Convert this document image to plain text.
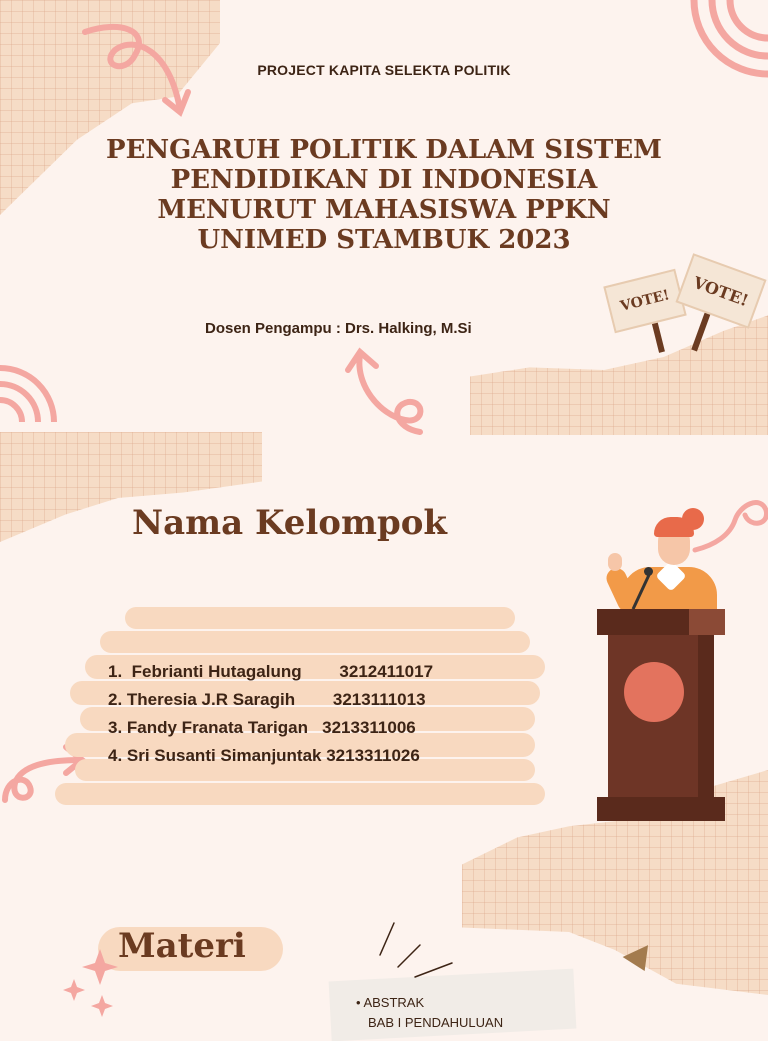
PROJECT KAPITA SELEKTA POLITIK
PENGARUH POLITIK DALAM SISTEM
PENDIDIKAN DI INDONESIA
MENURUT MAHASISWA PPKN
UNIMED STAMBUK 2023
Dosen Pengampu : Drs. Halking, M.Si
VOTE! VOTE!
Nama Kelompok
1.  Febrianti Hutagalung        3212411017
2. Theresia J.R Saragih        3213111013
3. Fandy Franata Tarigan   3213311006
4. Sri Susanti Simanjuntak 3213311026
Materi
• ABSTRAK
BAB I PENDAHULUAN
